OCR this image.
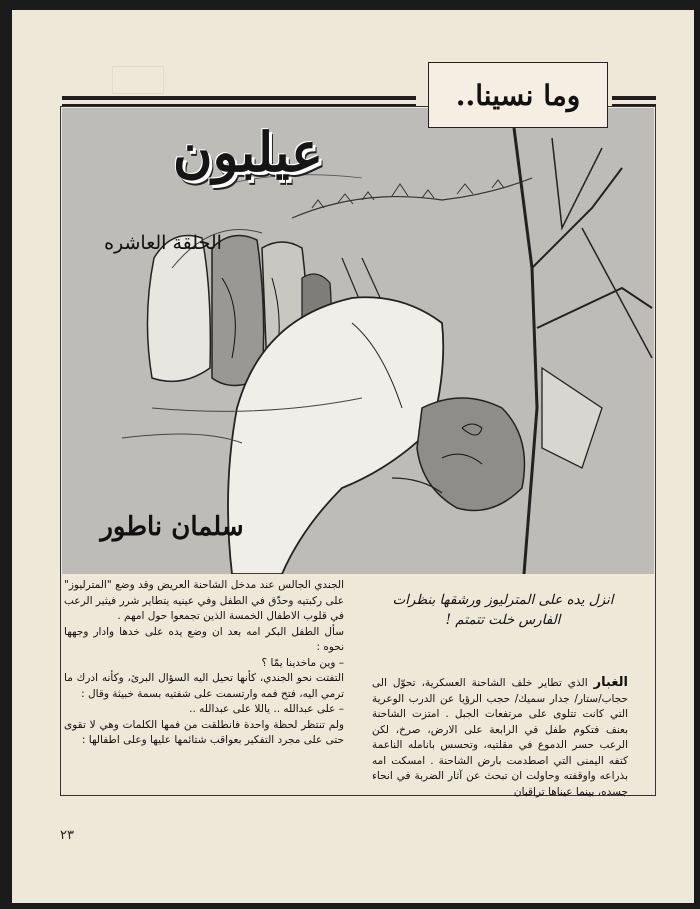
وما نسينا..
عيلبون
الحلقة العاشره
سلمان ناطور

الجندي الجالس عند مدخل الشاحنة العريض وقد وضع "المترليوز" على ركبتيه وحدّق في الطفل وفي عينيه يتطاير شرر فيثير الرعب في قلوب الاطفال الخمسة الذين تجمعوا حول امهم .

سأل الطفل البكر امه بعد ان وضع يده على خدها وادار وجهها نحوه :

– وين ماخدينا يمّا ؟

التفتت نحو الجندي، كأنها تحيل اليه السؤال البرئ، وكأنه ادرك ما ترمي اليه، فتح فمه وارتسمت على شفتيه بسمة خبيثة وقال :

– على عبدالله .. ياللا على عبدالله ..

ولم تنتظر لحظة واحدة فانطلقت من فمها الكلمات وهي لا تقوى حتى على مجرد التفكير بعواقب شتائمها عليها وعلى اطفالها :

انزل يده على المترليوز ورشقها بنظرات الفارس خلت تتمتم !

الغبار الذي تطاير خلف الشاحنة العسكرية، تحوّل الى حجاب/ستار/ جدار سميك/ حجب الرؤيا عن الدرب الوعرية التي كانت تتلوى على مرتفعات الجبل . امتزت الشاحنة بعنف فتكوم طفل في الرابعة على الارض، صرخ، لكن الرعب حسر الدموع في مقلتيه، وتحسس بانامله الناعمة كتفه اليمنى التي اصطدمت بارض الشاحنة . امسكت امه بذراعه واوقفته وحاولت ان تبحث عن آثار الضربة في انحاء جسده، بينما عيناها تراقبان

٢٣
